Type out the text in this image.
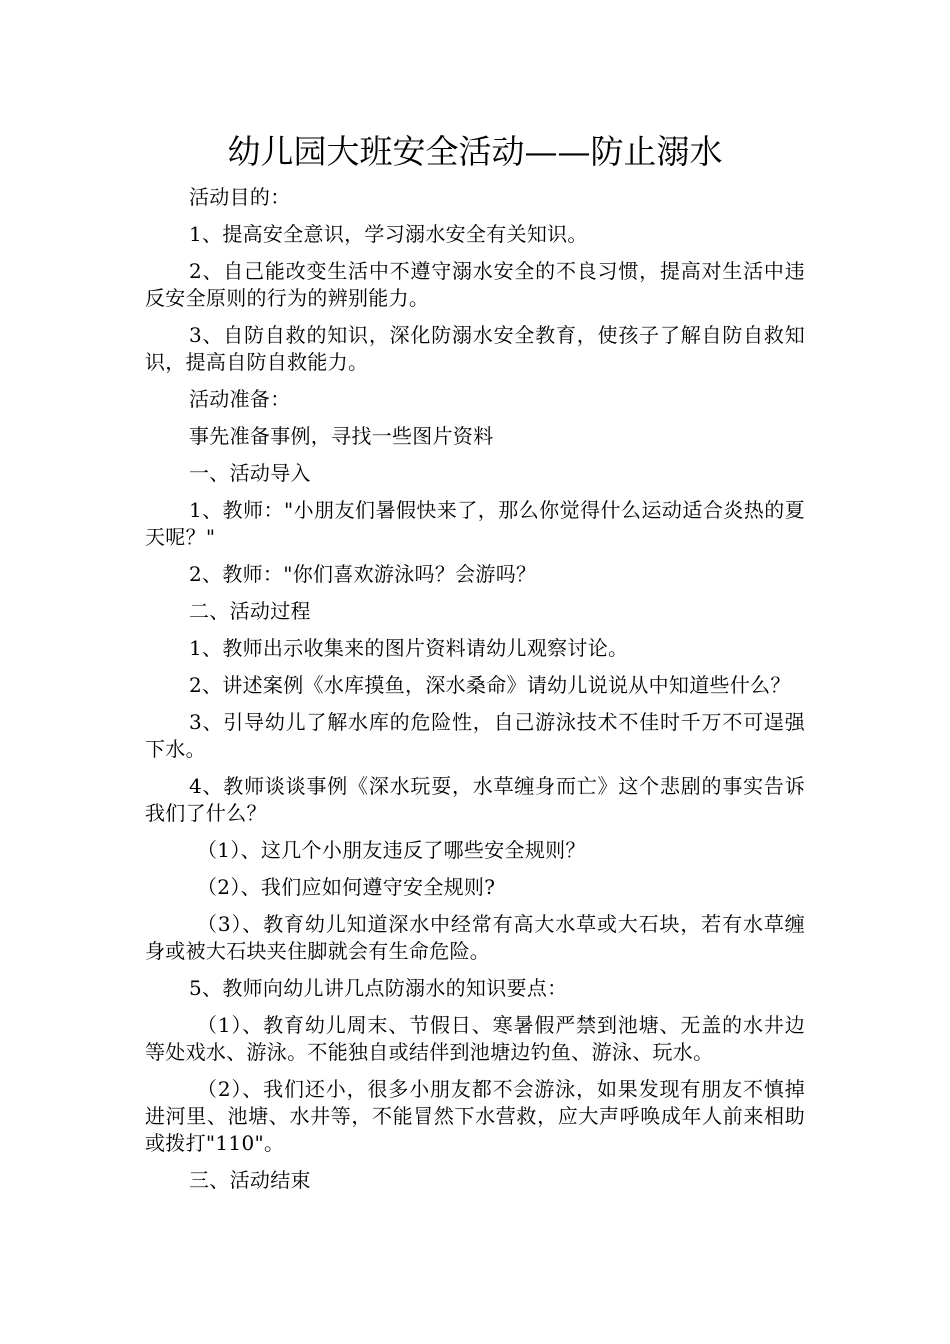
幼儿园大班安全活动——防止溺水

活动目的：

1、提高安全意识，学习溺水安全有关知识。

2、自己能改变生活中不遵守溺水安全的不良习惯，提高对生活中违反安全原则的行为的辨别能力。

3、自防自救的知识，深化防溺水安全教育，使孩子了解自防自救知识，提高自防自救能力。

活动准备：

事先准备事例，寻找一些图片资料

一、活动导入

1、教师："小朋友们暑假快来了，那么你觉得什么运动适合炎热的夏天呢？"

2、教师："你们喜欢游泳吗？会游吗？

二、活动过程

1、教师出示收集来的图片资料请幼儿观察讨论。

2、讲述案例《水库摸鱼，深水桑命》请幼儿说说从中知道些什么？

3、引导幼儿了解水库的危险性，自己游泳技术不佳时千万不可逞强下水。

4、教师谈谈事例《深水玩耍，水草缠身而亡》这个悲剧的事实告诉我们了什么？

（1）、这几个小朋友违反了哪些安全规则？

（2）、我们应如何遵守安全规则?

（3）、教育幼儿知道深水中经常有高大水草或大石块，若有水草缠身或被大石块夹住脚就会有生命危险。

5、教师向幼儿讲几点防溺水的知识要点：

（1）、教育幼儿周末、节假日、寒暑假严禁到池塘、无盖的水井边等处戏水、游泳。不能独自或结伴到池塘边钓鱼、游泳、玩水。

（2）、我们还小，很多小朋友都不会游泳，如果发现有朋友不慎掉进河里、池塘、水井等，不能冒然下水营救，应大声呼唤成年人前来相助或拨打"110"。

三、活动结束
